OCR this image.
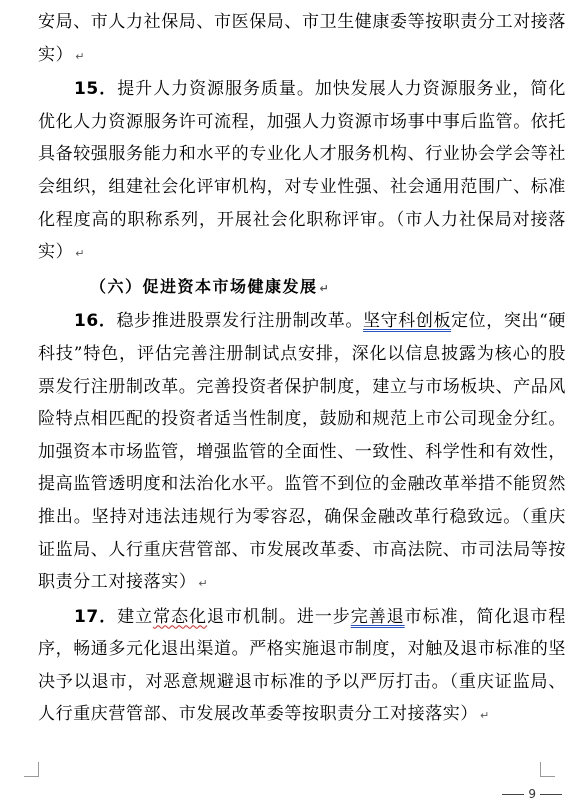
安局、市人力社保局、市医保局、市卫生健康委等按职责分工对接落实） ↵

15．提升人力资源服务质量。加快发展人力资源服务业，简化优化人力资源服务许可流程，加强人力资源市场事中事后监管。依托具备较强服务能力和水平的专业化人才服务机构、行业协会学会等社会组织，组建社会化评审机构，对专业性强、社会通用范围广、标准化程度高的职称系列，开展社会化职称评审。（市人力社保局对接落实） ↵

（六）促进资本市场健康发展 ↵

16．稳步推进股票发行注册制改革。坚守科创板定位，突出“硬科技”特色，评估完善注册制试点安排，深化以信息披露为核心的股票发行注册制改革。完善投资者保护制度，建立与市场板块、产品风险特点相匹配的投资者适当性制度，鼓励和规范上市公司现金分红。加强资本市场监管，增强监管的全面性、一致性、科学性和有效性，提高监管透明度和法治化水平。监管不到位的金融改革举措不能贸然推出。坚持对违法违规行为零容忍，确保金融改革行稳致远。（重庆证监局、人行重庆营管部、市发展改革委、市高法院、市司法局等按职责分工对接落实） ↵

17．建立常态化退市机制。进一步完善退市标准，简化退市程序，畅通多元化退出渠道。严格实施退市制度，对触及退市标准的坚决予以退市，对恶意规避退市标准的予以严厉打击。（重庆证监局、人行重庆营管部、市发展改革委等按职责分工对接落实） ↵

9
